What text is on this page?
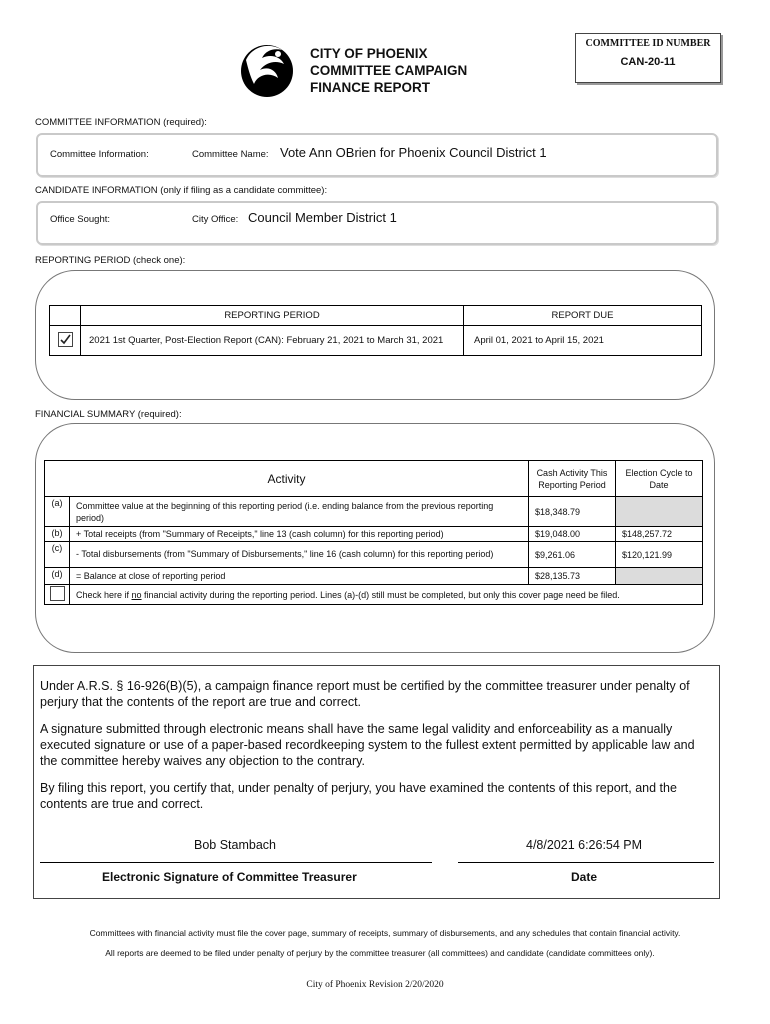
CITY OF PHOENIX
COMMITTEE CAMPAIGN
FINANCE REPORT
COMMITTEE ID NUMBER
CAN-20-11
COMMITTEE INFORMATION (required):
Committee Information:	Committee Name: Vote Ann OBrien for Phoenix Council District 1
CANDIDATE INFORMATION (only if filing as a candidate committee):
Office Sought:	City Office: Council Member District 1
REPORTING PERIOD (check one):
	REPORTING PERIOD	REPORT DUE

	2021 1st Quarter, Post-Election Report (CAN): February 21, 2021 to March 31, 2021	April 01, 2021 to April 15, 2021
FINANCIAL SUMMARY (required):
Activity		Cash Activity This Reporting Period	Election Cycle to Date
(a)	Committee value at the beginning of this reporting period (i.e. ending balance from the previous reporting period)	$18,348.79	
(b)	+ Total receipts (from "Summary of Receipts," line 13 (cash column) for this reporting period)	$19,048.00	$148,257.72
(c)	- Total disbursements (from "Summary of Disbursements," line 16 (cash column) for this reporting period)	$9,261.06	$120,121.99
(d)	= Balance at close of reporting period	$28,135.73	
	Check here if no financial activity during the reporting period. Lines (a)-(d) still must be completed, but only this cover page need be filed.		

Under A.R.S. § 16-926(B)(5), a campaign finance report must be certified by the committee treasurer under penalty of perjury that the contents of the report are true and correct.

A signature submitted through electronic means shall have the same legal validity and enforceability as a manually executed signature or use of a paper-based recordkeeping system to the fullest extent permitted by applicable law and the committee hereby waives any objection to the contrary.

By filing this report, you certify that, under penalty of perjury, you have examined the contents of this report, and the contents are true and correct.

Bob Stambach	4/8/2021 6:26:54 PM
Electronic Signature of Committee Treasurer	Date
Committees with financial activity must file the cover page, summary of receipts, summary of disbursements, and any schedules that contain financial activity.
All reports are deemed to be filed under penalty of perjury by the committee treasurer (all committees) and candidate (candidate committees only).
City of Phoenix Revision 2/20/2020
